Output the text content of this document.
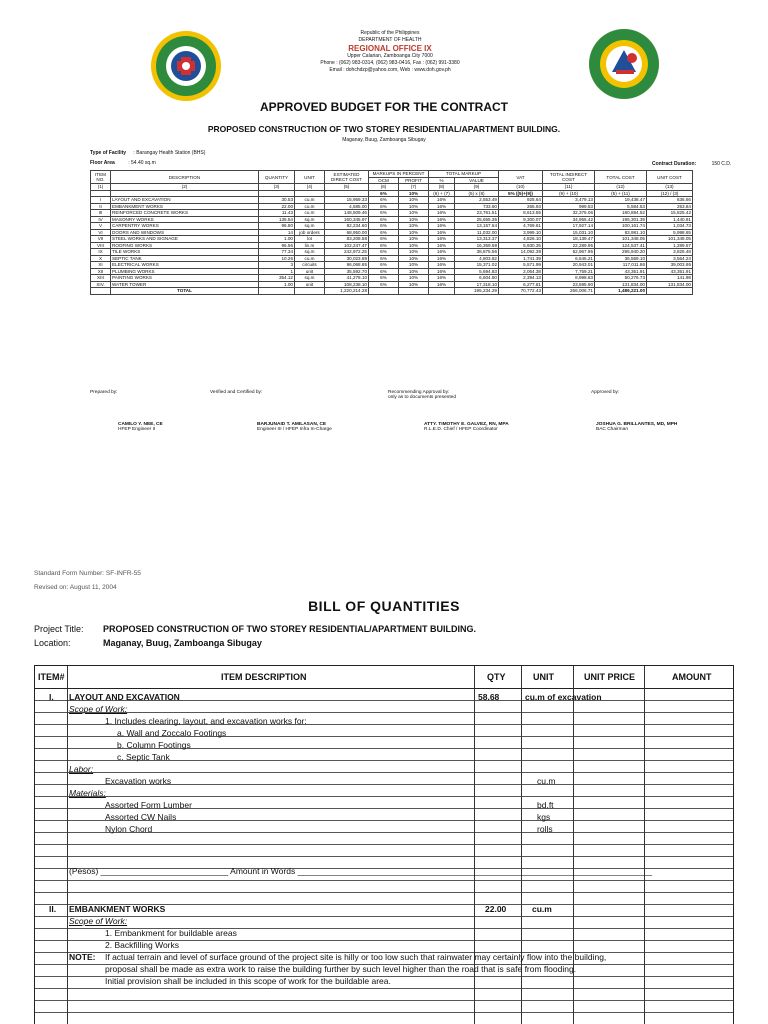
Republic of the Philippines
DEPARTMENT OF HEALTH
REGIONAL OFFICE IX
Upper Calarian, Zamboanga City 7000
Phone : (062) 983-0314, (062) 983-0416, Fax : (062) 991-3380
Email : dohchdzp@yahoo.com, Web : www.doh.gov.ph
APPROVED BUDGET FOR THE CONTRACT
PROPOSED CONSTRUCTION OF TWO STOREY RESIDENTIAL/APARTMENT BUILDING.
Maganay, Buug, Zamboanga Sibugay
Type of Facility : Barangay Health Station (BHS)
Floor Area	: 54.40 sq.m	Contract Duration:	150 C.D.
ITEM NO.	DESCRIPTION	QUANTITY	UNIT	ESTIMATED DIRECT COST	MARKUPS IN PERCENT		TOTAL MARKUP		VAT	TOTAL INDIRECT COST	TOTAL COST	UNIT COST
					OCM	PROFIT	%	VALUE				
(1)	(2)	(3)	(4)	(5)	(6)	(7)	(8)	(9)	(10)	(11)	(12)	(13)
					6%	10%	(6) + (7)	(5) x (8)	5% ((5)+(9))	(9) + (10)	(5) + (11)	(12) / (3)
I	LAYOUT AND EXCAVATION	30.53	cu.m	15,959.33	6%	10%	16%	2,553.49	925.64	3,479.13	19,438.47	636.66
II	EMBANKMENT WORKS	22.00	cu.m	4,585.00	6%	10%	16%	733.60	265.93	999.53	5,584.53	253.84
III	REINFORCED CONCRETE WORKS	11.43	cu.m	148,509.46	6%	10%	16%	23,761.51	8,613.55	32,375.06	180,884.52	15,825.42
IV	MASONRY WORKS	135.54	sq.m	160,345.97	6%	10%	16%	25,655.35	9,300.07	34,955.42	195,301.39	1,440.91
V	CARPENTRY WORKS	96.80	sq.m	82,234.60	6%	10%	16%	13,157.54	4,769.61	17,927.14	100,161.74	1,034.73
VI	DOORS AND WINDOWS	14	job orders	68,950.00	6%	10%	16%	11,032.00	3,999.10	15,031.10	83,981.10	5,998.65
VII	STEEL WORKS AND SIGNAGE	1.00	lot	83,208.58	6%	10%	16%	13,313.37	4,826.10	18,139.47	101,348.05	101,348.05
VIII	ROOFING WORKS	96.56	lin.m	102,247.47	6%	10%	16%	16,359.59	5,930.35	22,289.95	124,537.41	1,289.57
IX	TILE WORKS	77.34	sq.m	242,972.25	6%	10%	16%	38,875.56	14,092.39	52,967.95	295,940.20	3,826.48
X	SEPTIC TANK	10.26	cu.m	30,023.89	6%	10%	16%	4,803.82	1,741.39	6,545.21	36,569.10	3,564.24
XI	ELECTRICAL WORKS	3	circuits	96,068.85	6%	10%	16%	15,371.02	5,571.99	20,943.01	117,011.86	39,003.95
XII	PLUMBING WORKS	1	unit	35,592.70	6%	10%	16%	5,694.83	2,064.38	7,759.21	43,351.91	43,351.91
XIII	PAINTING WORKS	354.12	sq.m	41,278.10	6%	10%	16%	6,604.50	2,394.13	8,998.63	50,276.73	141.98
XIV.	WATER TOWER	1.00	unit	108,238.10	6%	10%	16%	17,318.10	6,277.81	23,595.90	131,834.00	131,834.00
	TOTAL			1,220,214.28				195,234.29	70,772.43	266,006.71	1,486,221.00	
Prepared by:	Verified and Certified by:	Recommending Approval by:
only as to documents presented
Approved by:
CAMILO Y. NEE, CE
HFEP Engineer II
BARJUNAID T. AMILASAN, CE
Engineer III / HFEP Infra In-Charge
ATTY. TIMOTHY E. GALVEZ, RN, MPA
R.L.E.D. Chief / HFEP Coordinator
JOSHUA G. BRILLANTES, MD, MPH
BAC Chairman
Standard Form Number: SF-INFR-55
Revised on: August 11, 2004
BILL OF QUANTITIES
Project Title: PROPOSED CONSTRUCTION OF TWO STOREY RESIDENTIAL/APARTMENT BUILDING.
Location:	Maganay, Buug, Zamboanga Sibugay
ITEM#	ITEM DESCRIPTION	QTY	UNIT	UNIT PRICE	AMOUNT
I. LAYOUT AND EXCAVATION	58.68	cu.m of excavation
Scope of Work:
1. Includes clearing, layout, and excavation works for:
a. Wall and Zoccalo Footings
b. Column Footings
c. Septic Tank
Labor:
Excavation works	cu.m
Materials:
Assorted Form Lumber	bd.ft
Assorted CW Nails	kgs
Nylon Chord	rolls
(Pesos) ___________________________ Amount in Words ___________________________________________________________________________
II. EMBANKMENT WORKS	22.00	cu.m
Scope of Work:
1. Embankment for buildable areas
2. Backfilling Works
NOTE: If actual terrain and level of surface ground of the project site is hilly or too low such that rainwater may certainly flow into the building,
proposal shall be made as extra work to raise the building further by such level higher than the road that is safe from flooding.
Initial provision shall be included in this scope of work for the buildable area.
